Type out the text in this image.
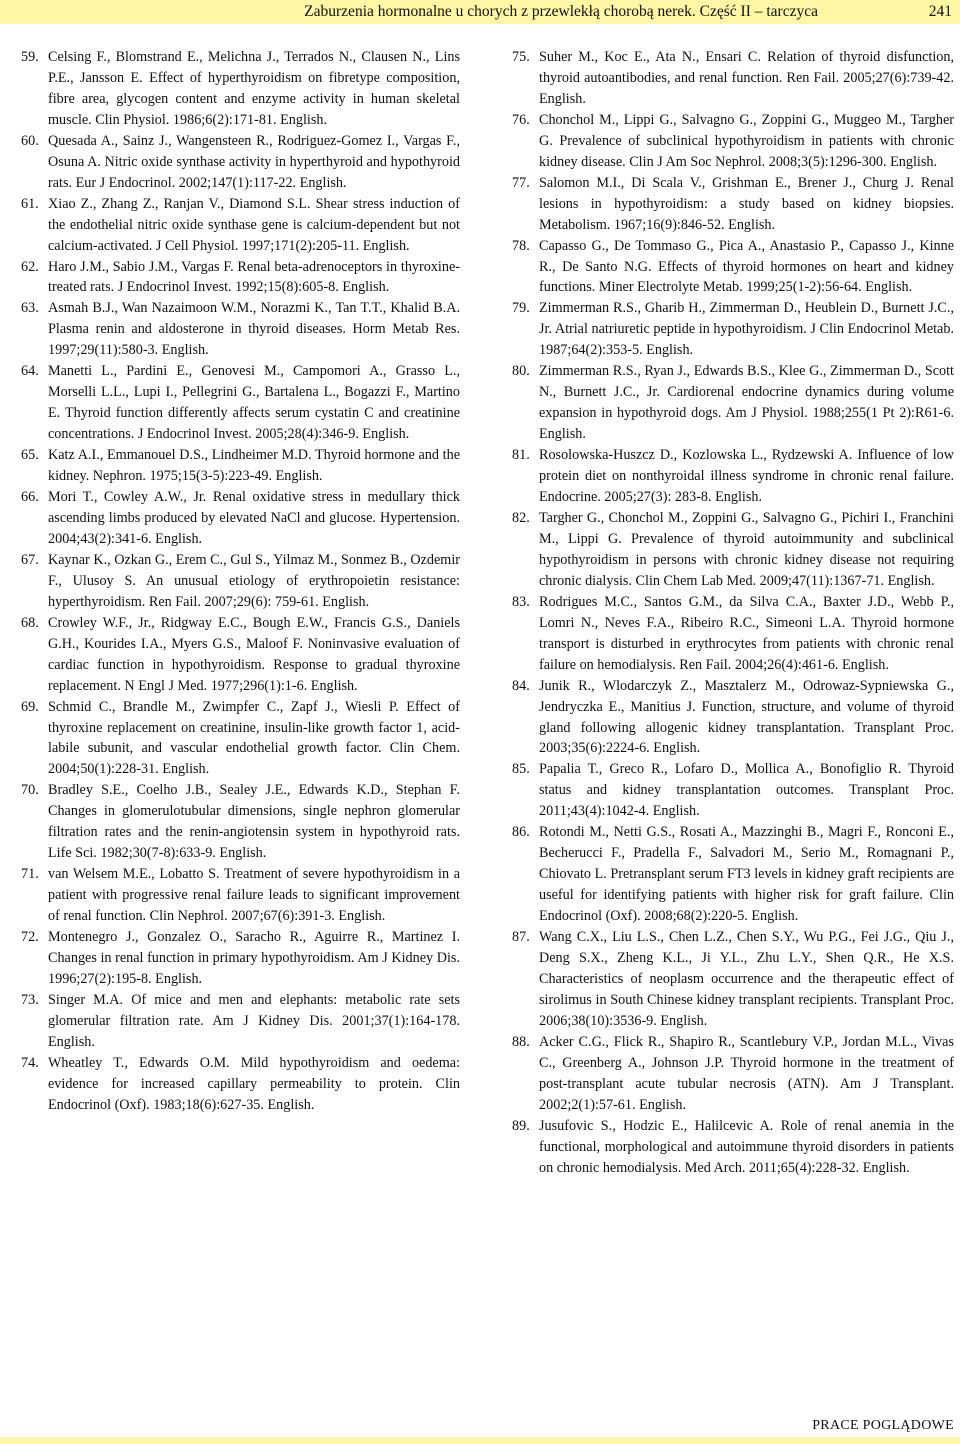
Zaburzenia hormonalne u chorych z przewlekłą chorobą nerek. Część II – tarczyca	241
59. Celsing F., Blomstrand E., Melichna J., Terrados N., Clausen N., Lins P.E., Jansson E. Effect of hyperthyroidism on fibretype composition, fibre area, glycogen content and enzyme activity in human skeletal muscle. Clin Physiol. 1986;6(2):171-81. English.
60. Quesada A., Sainz J., Wangensteen R., Rodriguez-Gomez I., Vargas F., Osuna A. Nitric oxide synthase activity in hyperthyroid and hypothyroid rats. Eur J Endocrinol. 2002;147(1):117-22. English.
61. Xiao Z., Zhang Z., Ranjan V., Diamond S.L. Shear stress induction of the endothelial nitric oxide synthase gene is calcium-dependent but not calcium-activated. J Cell Physiol. 1997;171(2):205-11. English.
62. Haro J.M., Sabio J.M., Vargas F. Renal beta-adrenoceptors in thyroxine-treated rats. J Endocrinol Invest. 1992;15(8):605-8. English.
63. Asmah B.J., Wan Nazaimoon W.M., Norazmi K., Tan T.T., Khalid B.A. Plasma renin and aldosterone in thyroid diseases. Horm Metab Res. 1997;29(11):580-3. English.
64. Manetti L., Pardini E., Genovesi M., Campomori A., Grasso L., Morselli L.L., Lupi I., Pellegrini G., Bartalena L., Bogazzi F., Martino E. Thyroid function differently affects serum cystatin C and creatinine concentrations. J Endocrinol Invest. 2005;28(4):346-9. English.
65. Katz A.I., Emmanouel D.S., Lindheimer M.D. Thyroid hormone and the kidney. Nephron. 1975;15(3-5):223-49. English.
66. Mori T., Cowley A.W., Jr. Renal oxidative stress in medullary thick ascending limbs produced by elevated NaCl and glucose. Hypertension. 2004;43(2):341-6. English.
67. Kaynar K., Ozkan G., Erem C., Gul S., Yilmaz M., Sonmez B., Ozdemir F., Ulusoy S. An unusual etiology of erythropoietin resistance: hyperthyroidism. Ren Fail. 2007;29(6): 759-61. English.
68. Crowley W.F., Jr., Ridgway E.C., Bough E.W., Francis G.S., Daniels G.H., Kourides I.A., Myers G.S., Maloof F. Noninvasive evaluation of cardiac function in hypothyroidism. Response to gradual thyroxine replacement. N Engl J Med. 1977;296(1):1-6. English.
69. Schmid C., Brandle M., Zwimpfer C., Zapf J., Wiesli P. Effect of thyroxine replacement on creatinine, insulin-like growth factor 1, acid-labile subunit, and vascular endothelial growth factor. Clin Chem. 2004;50(1):228-31. English.
70. Bradley S.E., Coelho J.B., Sealey J.E., Edwards K.D., Stephan F. Changes in glomerulotubular dimensions, single nephron glomerular filtration rates and the renin-angiotensin system in hypothyroid rats. Life Sci. 1982;30(7-8):633-9. English.
71. van Welsem M.E., Lobatto S. Treatment of severe hypothyroidism in a patient with progressive renal failure leads to significant improvement of renal function. Clin Nephrol. 2007;67(6):391-3. English.
72. Montenegro J., Gonzalez O., Saracho R., Aguirre R., Martinez I. Changes in renal function in primary hypothyroidism. Am J Kidney Dis. 1996;27(2):195-8. English.
73. Singer M.A. Of mice and men and elephants: metabolic rate sets glomerular filtration rate. Am J Kidney Dis. 2001;37(1):164-178. English.
74. Wheatley T., Edwards O.M. Mild hypothyroidism and oedema: evidence for increased capillary permeability to protein. Clin Endocrinol (Oxf). 1983;18(6):627-35. English.
75. Suher M., Koc E., Ata N., Ensari C. Relation of thyroid disfunction, thyroid autoantibodies, and renal function. Ren Fail. 2005;27(6):739-42. English.
76. Chonchol M., Lippi G., Salvagno G., Zoppini G., Muggeo M., Targher G. Prevalence of subclinical hypothyroidism in patients with chronic kidney disease. Clin J Am Soc Nephrol. 2008;3(5):1296-300. English.
77. Salomon M.I., Di Scala V., Grishman E., Brener J., Churg J. Renal lesions in hypothyroidism: a study based on kidney biopsies. Metabolism. 1967;16(9):846-52. English.
78. Capasso G., De Tommaso G., Pica A., Anastasio P., Capasso J., Kinne R., De Santo N.G. Effects of thyroid hormones on heart and kidney functions. Miner Electrolyte Metab. 1999;25(1-2):56-64. English.
79. Zimmerman R.S., Gharib H., Zimmerman D., Heublein D., Burnett J.C., Jr. Atrial natriuretic peptide in hypothyroidism. J Clin Endocrinol Metab. 1987;64(2):353-5. English.
80. Zimmerman R.S., Ryan J., Edwards B.S., Klee G., Zimmerman D., Scott N., Burnett J.C., Jr. Cardiorenal endocrine dynamics during volume expansion in hypothyroid dogs. Am J Physiol. 1988;255(1 Pt 2):R61-6. English.
81. Rosolowska-Huszcz D., Kozlowska L., Rydzewski A. Influence of low protein diet on nonthyroidal illness syndrome in chronic renal failure. Endocrine. 2005;27(3): 283-8. English.
82. Targher G., Chonchol M., Zoppini G., Salvagno G., Pichiri I., Franchini M., Lippi G. Prevalence of thyroid autoimmunity and subclinical hypothyroidism in persons with chronic kidney disease not requiring chronic dialysis. Clin Chem Lab Med. 2009;47(11):1367-71. English.
83. Rodrigues M.C., Santos G.M., da Silva C.A., Baxter J.D., Webb P., Lomri N., Neves F.A., Ribeiro R.C., Simeoni L.A. Thyroid hormone transport is disturbed in erythrocytes from patients with chronic renal failure on hemodialysis. Ren Fail. 2004;26(4):461-6. English.
84. Junik R., Wlodarczyk Z., Masztalerz M., Odrowaz-Sypniewska G., Jendryczka E., Manitius J. Function, structure, and volume of thyroid gland following allogenic kidney transplantation. Transplant Proc. 2003;35(6):2224-6. English.
85. Papalia T., Greco R., Lofaro D., Mollica A., Bonofiglio R. Thyroid status and kidney transplantation outcomes. Transplant Proc. 2011;43(4):1042-4. English.
86. Rotondi M., Netti G.S., Rosati A., Mazzinghi B., Magri F., Ronconi E., Becherucci F., Pradella F., Salvadori M., Serio M., Romagnani P., Chiovato L. Pretransplant serum FT3 levels in kidney graft recipients are useful for identifying patients with higher risk for graft failure. Clin Endocrinol (Oxf). 2008;68(2):220-5. English.
87. Wang C.X., Liu L.S., Chen L.Z., Chen S.Y., Wu P.G., Fei J.G., Qiu J., Deng S.X., Zheng K.L., Ji Y.L., Zhu L.Y., Shen Q.R., He X.S. Characteristics of neoplasm occurrence and the therapeutic effect of sirolimus in South Chinese kidney transplant recipients. Transplant Proc. 2006;38(10):3536-9. English.
88. Acker C.G., Flick R., Shapiro R., Scantlebury V.P., Jordan M.L., Vivas C., Greenberg A., Johnson J.P. Thyroid hormone in the treatment of post-transplant acute tubular necrosis (ATN). Am J Transplant. 2002;2(1):57-61. English.
89. Jusufovic S., Hodzic E., Halilcevic A. Role of renal anemia in the functional, morphological and autoimmune thyroid disorders in patients on chronic hemodialysis. Med Arch. 2011;65(4):228-32. English.
PRACE POGLĄDOWE
